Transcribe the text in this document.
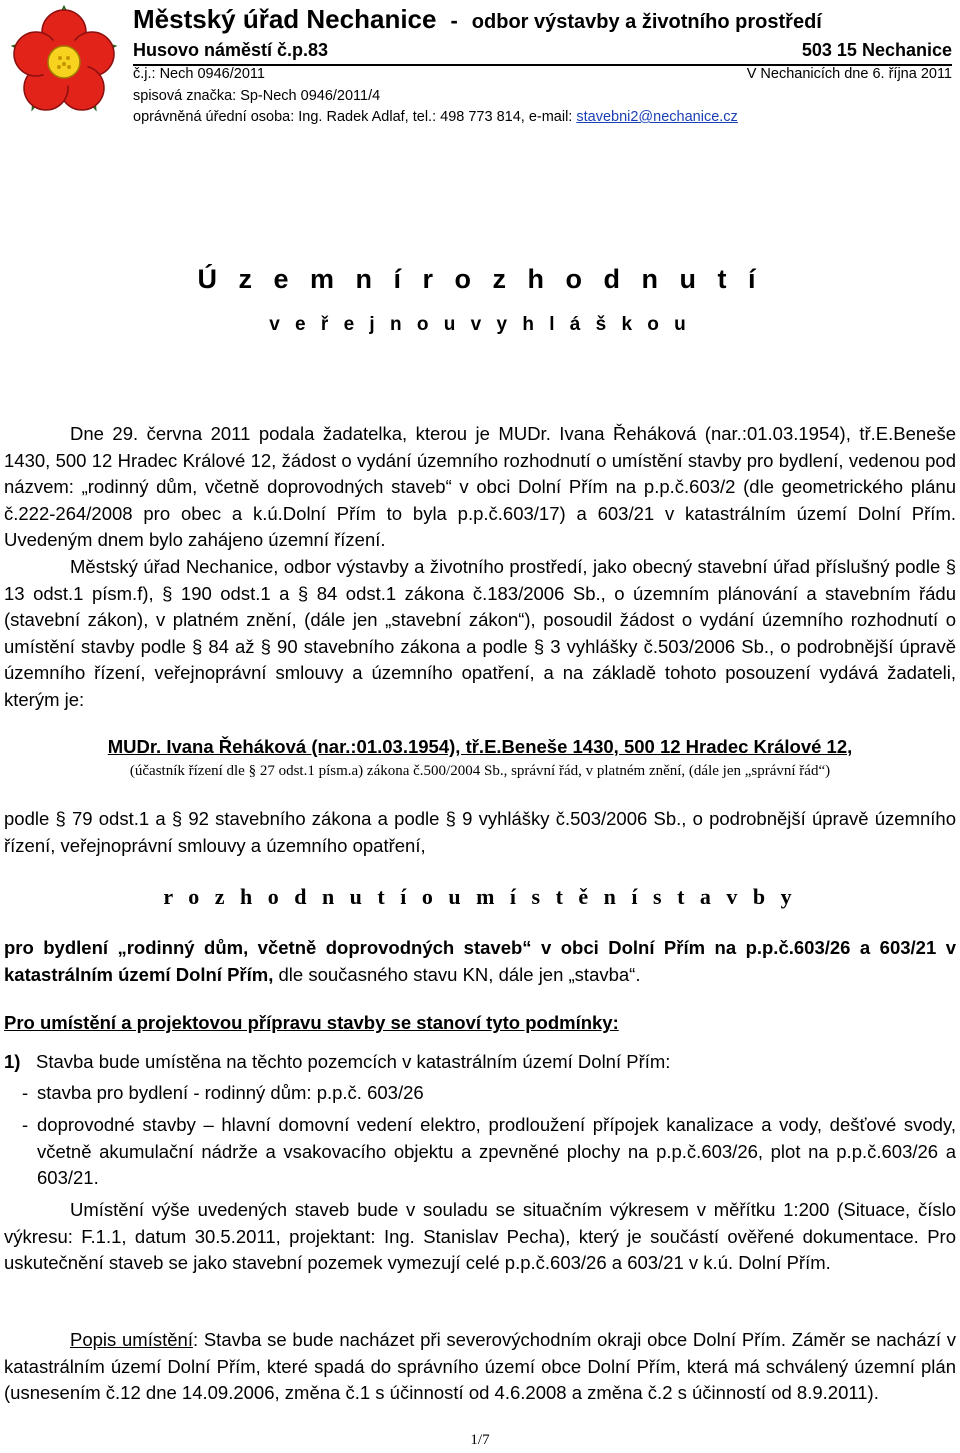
Městský úřad Nechanice - odbor výstavby a životního prostředí
Husovo náměstí č.p.83	503 15 Nechanice
č.j.: Nech 0946/2011	V Nechanicích dne 6. října 2011
spisová značka: Sp-Nech 0946/2011/4
oprávněná úřední osoba: Ing. Radek Adlaf, tel.: 498 773 814, e-mail: stavebni2@nechanice.cz
Ú z e m n í r o z h o d n u t í
v e ř e j n o u v y h l á š k o u

Dne 29. června 2011 podala žadatelka, kterou je MUDr. Ivana Řeháková (nar.:01.03.1954), tř.E.Beneše 1430, 500 12 Hradec Králové 12, žádost o vydání územního rozhodnutí o umístění stavby pro bydlení, vedenou pod názvem: „rodinný dům, včetně doprovodných staveb“ v obci Dolní Přím na p.p.č.603/2 (dle geometrického plánu č.222-264/2008 pro obec a k.ú.Dolní Přím to byla p.p.č.603/17) a 603/21 v katastrálním území Dolní Přím. Uvedeným dnem bylo zahájeno územní řízení.

Městský úřad Nechanice, odbor výstavby a životního prostředí, jako obecný stavební úřad příslušný podle § 13 odst.1 písm.f), § 190 odst.1 a § 84 odst.1 zákona č.183/2006 Sb., o územním plánování a stavebním řádu (stavební zákon), v platném znění, (dále jen „stavební zákon“), posoudil žádost o vydání územního rozhodnutí o umístění stavby podle § 84 až § 90 stavebního zákona a podle § 3 vyhlášky č.503/2006 Sb., o podrobnější úpravě územního řízení, veřejnoprávní smlouvy a územního opatření, a na základě tohoto posouzení vydává žadateli, kterým je:

MUDr. Ivana Řeháková (nar.:01.03.1954), tř.E.Beneše 1430, 500 12 Hradec Králové 12,
(účastník řízení dle § 27 odst.1 písm.a) zákona č.500/2004 Sb., správní řád, v platném znění, (dále jen „správní řád“)
podle § 79 odst.1 a § 92 stavebního zákona a podle § 9 vyhlášky č.503/2006 Sb., o podrobnější úpravě územního řízení, veřejnoprávní smlouvy a územního opatření,
r o z h o d n u t í o u m í s t ě n í s t a v b y
pro bydlení „rodinný dům, včetně doprovodných staveb“ v obci Dolní Přím na p.p.č.603/26 a 603/21 v katastrálním území Dolní Přím, dle současného stavu KN, dále jen „stavba“.
Pro umístění a projektovou přípravu stavby se stanoví tyto podmínky:
1) Stavba bude umístěna na těchto pozemcích v katastrálním území Dolní Přím:
- stavba pro bydlení - rodinný dům: p.p.č. 603/26
- doprovodné stavby – hlavní domovní vedení elektro, prodloužení přípojek kanalizace a vody, dešťové svody, včetně akumulační nádrže a vsakovacího objektu a zpevněné plochy na p.p.č.603/26, plot na p.p.č.603/26 a 603/21.

Umístění výše uvedených staveb bude v souladu se situačním výkresem v měřítku 1:200 (Situace, číslo výkresu: F.1.1, datum 30.5.2011, projektant: Ing. Stanislav Pecha), který je součástí ověřené dokumentace. Pro uskutečnění staveb se jako stavební pozemek vymezují celé p.p.č.603/26 a 603/21 v k.ú. Dolní Přím.

Popis umístění: Stavba se bude nacházet při severovýchodním okraji obce Dolní Přím. Záměr se nachází v katastrálním území Dolní Přím, které spadá do správního území obce Dolní Přím, která má schválený územní plán (usnesením č.12 dne 14.09.2006, změna č.1 s účinností od 4.6.2008 a změna č.2 s účinností od 8.9.2011).

1/7
